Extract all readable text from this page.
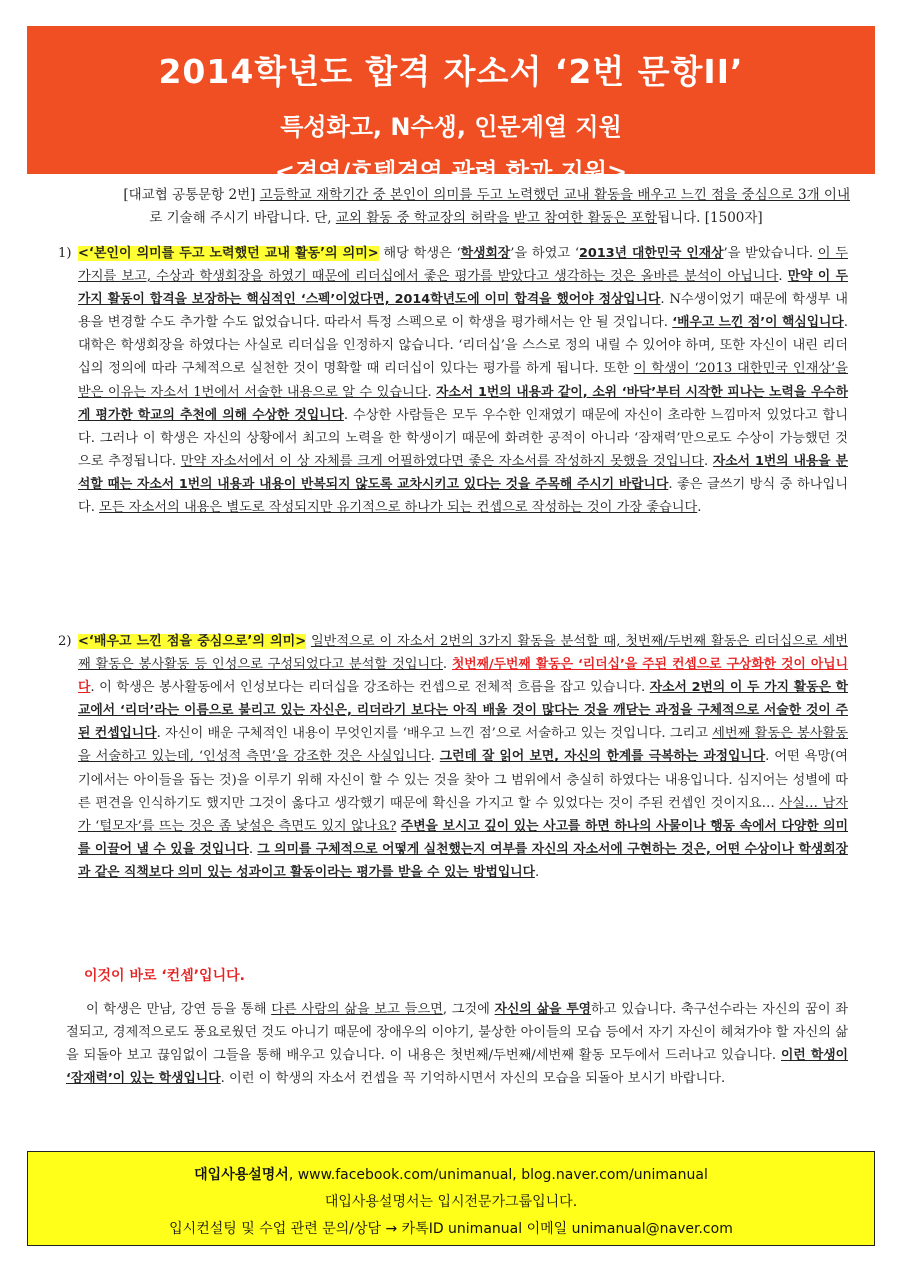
2014학년도 합격 자소서 ‘2번 문항II’
특성화고, N수생, 인문계열 지원
<경영/호텔경영 관련 학과 지원>
[대교협 공통문항 2번] 고등학교 재학기간 중 본인이 의미를 두고 노력했던 교내 활동을 배우고 느낀 점을 중심으로 3개 이내
로 기술해 주시기 바랍니다. 단, 교외 활동 중 학교장의 허락을 받고 참여한 활동은 포함됩니다. [1500자]
1) <‘본인이 의미를 두고 노력했던 교내 활동’의 의미> 해당 학생은 ‘학생회장’을 하였고 ‘2013년 대한민국 인재상’을 받았습니다. 이 두 가지를 보고, 수상과 학생회장을 하였기 때문에 리더십에서 좋은 평가를 받았다고 생각하는 것은 올바른 분석이 아닙니다. 만약 이 두 가지 활동이 합격을 보장하는 핵심적인 ‘스펙’이었다면, 2014학년도에 이미 합격을 했어야 정상입니다. N수생이었기 때문에 학생부 내용을 변경할 수도 추가할 수도 없었습니다. 따라서 특정 스펙으로 이 학생을 평가해서는 안 될 것입니다. ‘배우고 느낀 점’이 핵심입니다. 대학은 학생회장을 하였다는 사실로 리더십을 인정하지 않습니다. ‘리더십’을 스스로 정의 내릴 수 있어야 하며, 또한 자신이 내린 리더십의 정의에 따라 구체적으로 실천한 것이 명확할 때 리더십이 있다는 평가를 하게 됩니다. 또한 이 학생이 ‘2013 대한민국 인재상’을 받은 이유는 자소서 1번에서 서술한 내용으로 알 수 있습니다. 자소서 1번의 내용과 같이, 소위 ‘바닥’부터 시작한 피나는 노력을 우수하게 평가한 학교의 추천에 의해 수상한 것입니다. 수상한 사람들은 모두 우수한 인재였기 때문에 자신이 초라한 느낌마저 있었다고 합니다. 그러나 이 학생은 자신의 상황에서 최고의 노력을 한 학생이기 때문에 화려한 공적이 아니라 ‘잠재력’만으로도 수상이 가능했던 것으로 추정됩니다. 만약 자소서에서 이 상 자체를 크게 어필하였다면 좋은 자소서를 작성하지 못했을 것입니다. 자소서 1번의 내용을 분석할 때는 자소서 1번의 내용과 내용이 반복되지 않도록 교차시키고 있다는 것을 주목해 주시기 바랍니다. 좋은 글쓰기 방식 중 하나입니다. 모든 자소서의 내용은 별도로 작성되지만 유기적으로 하나가 되는 컨셉으로 작성하는 것이 가장 좋습니다.
2) <‘배우고 느낀 점을 중심으로’의 의미> 일반적으로 이 자소서 2번의 3가지 활동을 분석할 때, 첫번째/두번째 활동은 리더십으로 세번째 활동은 봉사활동 등 인성으로 구성되었다고 분석할 것입니다. 첫번째/두번째 활동은 ‘리더십’을 주된 컨셉으로 구상화한 것이 아닙니다. 이 학생은 봉사활동에서 인성보다는 리더십을 강조하는 컨셉으로 전체적 흐름을 잡고 있습니다. 자소서 2번의 이 두 가지 활동은 학교에서 ‘리더’라는 이름으로 불리고 있는 자신은, 리더라기 보다는 아직 배울 것이 많다는 것을 깨닫는 과정을 구체적으로 서술한 것이 주된 컨셉입니다. 자신이 배운 구체적인 내용이 무엇인지를 ‘배우고 느낀 점’으로 서술하고 있는 것입니다. 그리고 세번째 활동은 봉사활동을 서술하고 있는데, ‘인성적 측면’을 강조한 것은 사실입니다. 그런데 잘 읽어 보면, 자신의 한계를 극복하는 과정입니다. 어떤 욕망(여기에서는 아이들을 돕는 것)을 이루기 위해 자신이 할 수 있는 것을 찾아 그 범위에서 충실히 하였다는 내용입니다. 심지어는 성별에 따른 편견을 인식하기도 했지만 그것이 옳다고 생각했기 때문에 확신을 가지고 할 수 있었다는 것이 주된 컨셉인 것이지요… 사실… 남자가 ‘털모자’를 뜨는 것은 좀 낯설은 측면도 있지 않나요? 주변을 보시고 깊이 있는 사고를 하면 하나의 사물이나 행동 속에서 다양한 의미를 이끌어 낼 수 있을 것입니다. 그 의미를 구체적으로 어떻게 실천했는지 여부를 자신의 자소서에 구현하는 것은, 어떤 수상이나 학생회장과 같은 직책보다 의미 있는 성과이고 활동이라는 평가를 받을 수 있는 방법입니다.
이것이 바로 ‘컨셉’입니다.
이 학생은 만남, 강연 등을 통해 다른 사람의 삶을 보고 들으면, 그것에 자신의 삶을 투영하고 있습니다. 축구선수라는 자신의 꿈이 좌절되고, 경제적으로도 풍요로웠던 것도 아니기 때문에 장애우의 이야기, 불상한 아이들의 모습 등에서 자기 자신이 헤쳐가야 할 자신의 삶을 되돌아 보고 끊임없이 그들을 통해 배우고 있습니다. 이 내용은 첫번째/두번째/세번째 활동 모두에서 드러나고 있습니다. 이런 학생이 ‘잠재력’이 있는 학생입니다. 이런 이 학생의 자소서 컨셉을 꼭 기억하시면서 자신의 모습을 되돌아 보시기 바랍니다.
대입사용설명서, www.facebook.com/unimanual, blog.naver.com/unimanual
대입사용설명서는 입시전문가그룹입니다.
입시컨설팅 및 수업 관련 문의/상담 → 카톡ID unimanual 이메일 unimanual@naver.com
